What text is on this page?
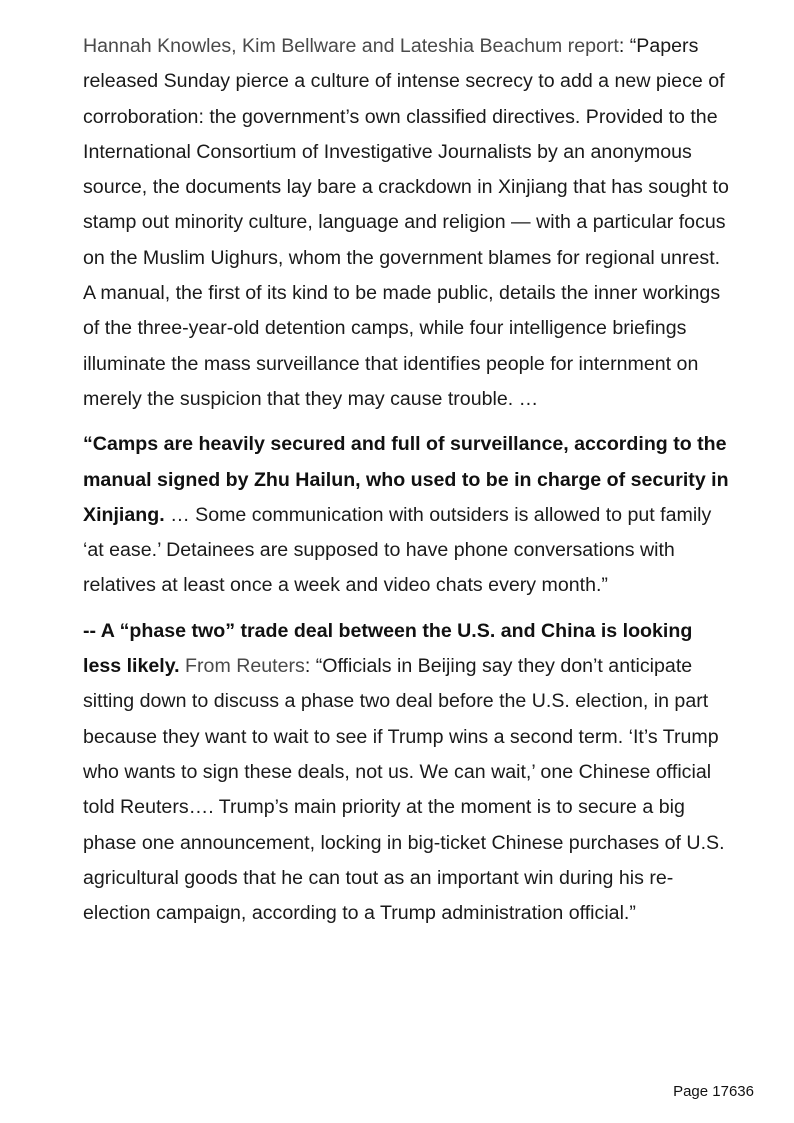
Hannah Knowles, Kim Bellware and Lateshia Beachum report: “Papers released Sunday pierce a culture of intense secrecy to add a new piece of corroboration: the government’s own classified directives. Provided to the International Consortium of Investigative Journalists by an anonymous source, the documents lay bare a crackdown in Xinjiang that has sought to stamp out minority culture, language and religion — with a particular focus on the Muslim Uighurs, whom the government blames for regional unrest. A manual, the first of its kind to be made public, details the inner workings of the three-year-old detention camps, while four intelligence briefings illuminate the mass surveillance that identifies people for internment on merely the suspicion that they may cause trouble. …

“Camps are heavily secured and full of surveillance, according to the manual signed by Zhu Hailun, who used to be in charge of security in Xinjiang. … Some communication with outsiders is allowed to put family ‘at ease.’ Detainees are supposed to have phone conversations with relatives at least once a week and video chats every month.”

-- A “phase two” trade deal between the U.S. and China is looking less likely. From Reuters: “Officials in Beijing say they don’t anticipate sitting down to discuss a phase two deal before the U.S. election, in part because they want to wait to see if Trump wins a second term. ‘It’s Trump who wants to sign these deals, not us. We can wait,’ one Chinese official told Reuters…. Trump’s main priority at the moment is to secure a big phase one announcement, locking in big-ticket Chinese purchases of U.S. agricultural goods that he can tout as an important win during his re-election campaign, according to a Trump administration official.”

Page 17636
